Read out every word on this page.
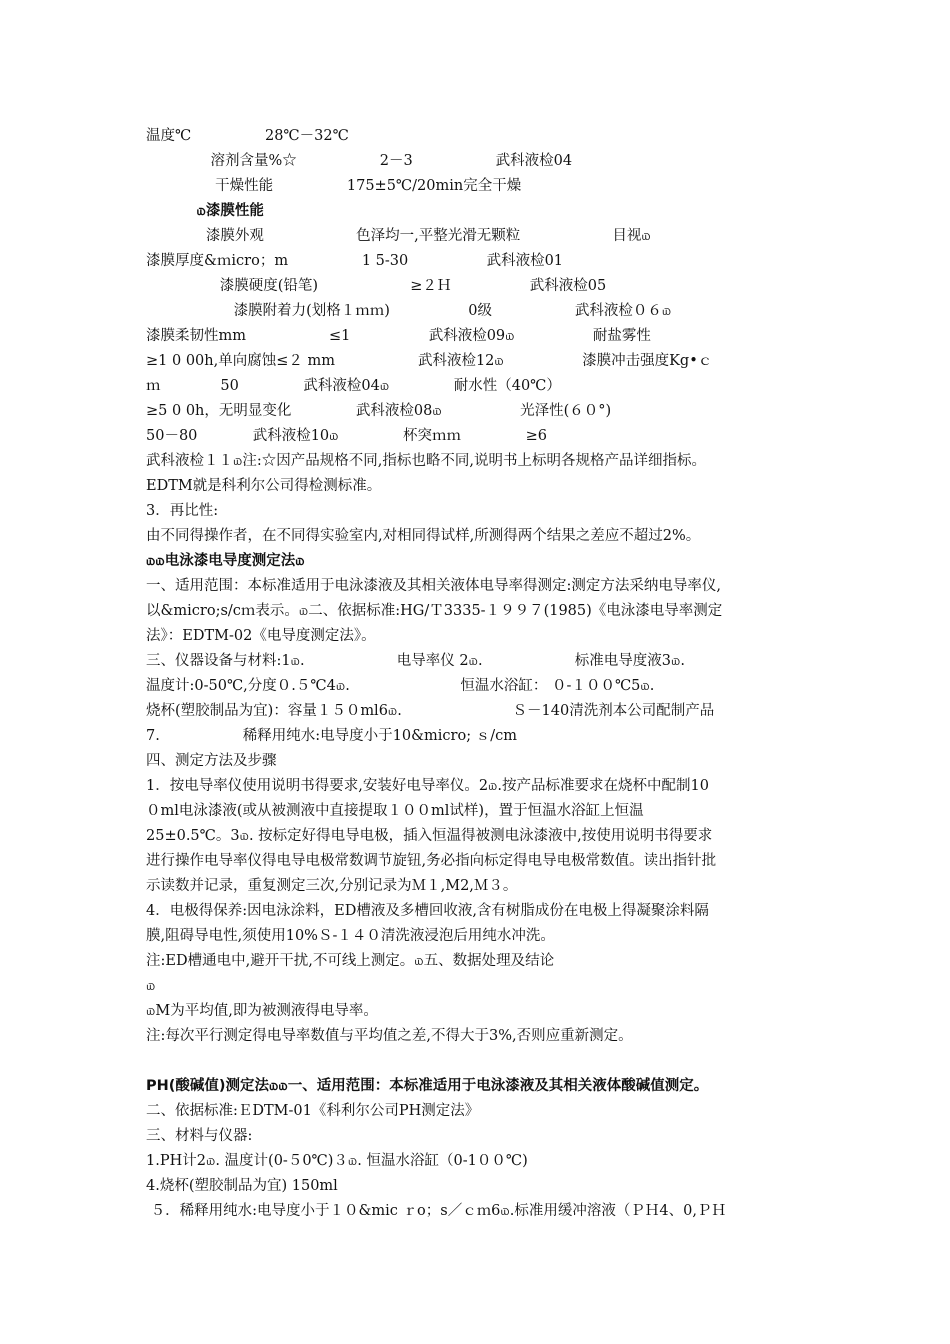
温度℃                28℃－32℃
溶剂含量%☆                  2－3                  武科液检04
干燥性能                175±5℃/20min完全干燥
௰漆膜性能
漆膜外观                    色泽均一,平整光滑无颗粒                    目视௰
漆膜厚度&ｍicro；m                1 5-30                 武科液检01
漆膜硬度(铅笔)                    ≥２Ｈ                 武科液检05
漆膜附着力(划格１ｍｍ)                 0级                  武科液检０６௰
漆膜柔韧性mm                  ≤1                 武科液检09௰                 耐盐雾性
≥1 0 00h,单向腐蚀≤２ mm                  武科液检12௰                 漆膜冲击强度Kg•ｃ
ｍ             50              武科液检04௰              耐水性（40℃）
≥5 0 0h，无明显变化              武科液检08௰                 光泽性(６０°)
50－80            武科液检10௰              杯突ｍｍ              ≥6
武科液检１１௰注:☆因产品规格不同,指标也略不同,说明书上标明各规格产品详细指标。
EDTM就是科利尔公司得检测标准。
3．再比性:
由不同得操作者，在不同得实验室内,对相同得试样,所测得两个结果之差应不超过2%。
௰௰电泳漆电导度测定法௰
一、适用范围：本标准适用于电泳漆液及其相关液体电导率得测定:测定方法采纳电导率仪,
以&micro;s/cｍ表示。௰二、依据标准:HG/Ｔ3335-１９９７(1985)《电泳漆电导率测定
法》：EDTM-02《电导度测定法》。
三、仪器设备与材料:1௰.                    电导率仪 2௰.                    标准电导度液3௰.
温度计:0-50℃,分度０.５℃4௰.                        恒温水浴缸： ０-１００℃5௰.
烧杯(塑胶制品为宜)：容量１５０ml6௰.                        Ｓ－140清洗剂本公司配制产品
7.                  稀释用纯水:电导度小于10&micro; ｓ/cm
四、测定方法及步骤
1．按电导率仪使用说明书得要求,安装好电导率仪。2௰.按产品标准要求在烧杯中配制10
０ml电泳漆液(或从被测液中直接提取１００ml试样)，置于恒温水浴缸上恒温
25±0.5℃。3௰. 按标定好得电导电极，插入恒温得被测电泳漆液中,按使用说明书得要求
进行操作电导率仪得电导电极常数调节旋钮,务必指向标定得电导电极常数值。读出指针批
示读数并记录，重复测定三次,分别记录为Ｍ１,M2,Ｍ３。
4．电极得保养:因电泳涂料，ED槽液及多槽回收液,含有树脂成份在电极上得凝聚涂料隔
膜,阻碍导电性,须使用10%Ｓ-１４０清洗液浸泡后用纯水冲洗。
注:ED槽通电中,避开干扰,不可线上测定。௰五、数据处理及结论
௰
௰M为平均值,即为被测液得电导率。
注:每次平行测定得电导率数值与平均值之差,不得大于3%,否则应重新测定。
PH(酸碱值)测定法௰௰一、适用范围：本标准适用于电泳漆液及其相关液体酸碱值测定。
二、依据标准:ＥDTM-01《科利尔公司PH测定法》
三、材料与仪器:
1.PH计2௰. 温度计(0-５0℃)３௰. 恒温水浴缸（0-1００℃)
4.烧杯(塑胶制品为宜) 150ml
５．稀释用纯水:电导度小于１０&mic ｒo；s／ｃｍ6௰.标准用缓冲溶液（ＰＨ4、0,ＰＨ
